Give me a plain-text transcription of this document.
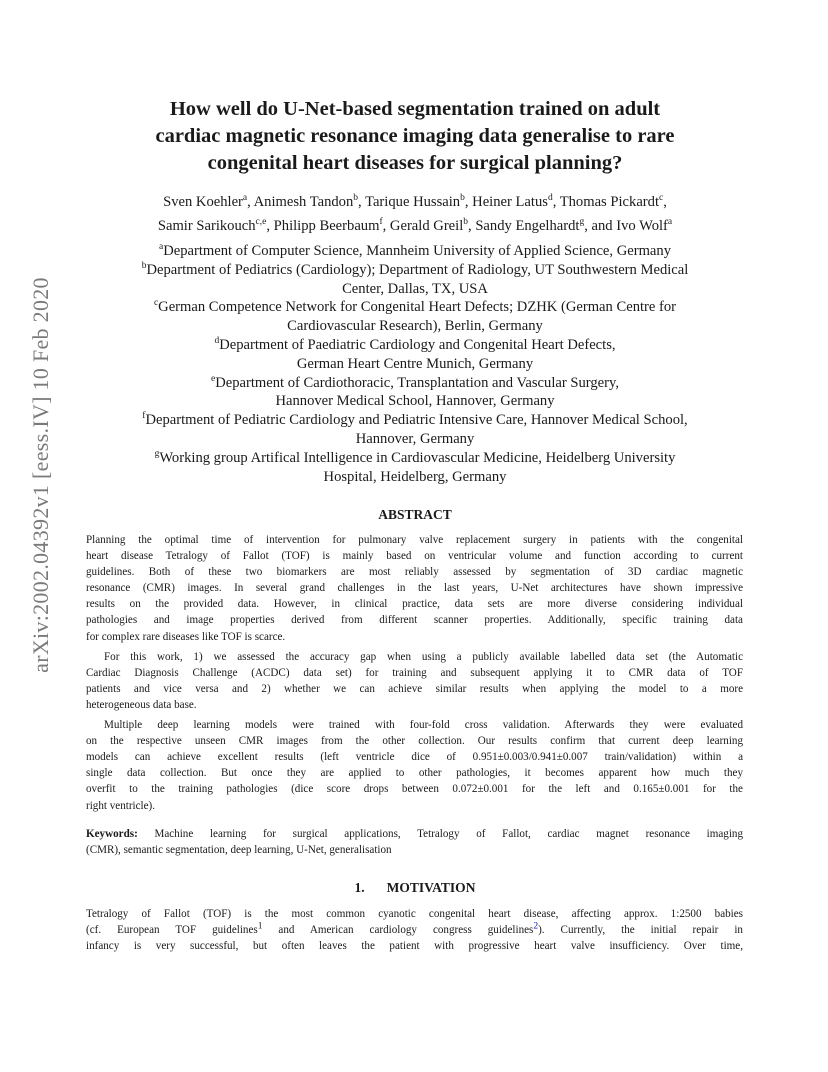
arXiv:2002.04392v1 [eess.IV] 10 Feb 2020
How well do U-Net-based segmentation trained on adult
cardiac magnetic resonance imaging data generalise to rare
congenital heart diseases for surgical planning?
Sven Koehler$^a$, Animesh Tandon$^b$, Tarique Hussain$^b$, Heiner Latus$^d$, Thomas Pickardt$^c$,
Samir Sarikouch$^{c,e}$, Philipp Beerbaum$^f$, Gerald Greil$^b$, Sandy Engelhardt$^g$, and Ivo Wolf$^a$
$^a$Department of Computer Science, Mannheim University of Applied Science, Germany
$^b$Department of Pediatrics (Cardiology); Department of Radiology, UT Southwestern Medical
Center, Dallas, TX, USA
$^c$German Competence Network for Congenital Heart Defects; DZHK (German Centre for
Cardiovascular Research), Berlin, Germany
$^d$Department of Paediatric Cardiology and Congenital Heart Defects,
German Heart Centre Munich, Germany
$^e$Department of Cardiothoracic, Transplantation and Vascular Surgery,
Hannover Medical School, Hannover, Germany
$^f$Department of Pediatric Cardiology and Pediatric Intensive Care, Hannover Medical School,
Hannover, Germany
$^g$Working group Artifical Intelligence in Cardiovascular Medicine, Heidelberg University
Hospital, Heidelberg, Germany
ABSTRACT
Planning the optimal time of intervention for pulmonary valve replacement surgery in patients with the congenital
heart disease Tetralogy of Fallot (TOF) is mainly based on ventricular volume and function according to current
guidelines. Both of these two biomarkers are most reliably assessed by segmentation of 3D cardiac magnetic
resonance (CMR) images. In several grand challenges in the last years, U-Net architectures have shown impressive
results on the provided data. However, in clinical practice, data sets are more diverse considering individual
pathologies and image properties derived from different scanner properties. Additionally, specific training data
for complex rare diseases like TOF is scarce.
For this work, 1) we assessed the accuracy gap when using a publicly available labelled data set (the Automatic
Cardiac Diagnosis Challenge (ACDC) data set) for training and subsequent applying it to CMR data of TOF
patients and vice versa and 2) whether we can achieve similar results when applying the model to a more
heterogeneous data base.
Multiple deep learning models were trained with four-fold cross validation. Afterwards they were evaluated
on the respective unseen CMR images from the other collection. Our results confirm that current deep learning
models can achieve excellent results (left ventricle dice of 0.951±0.003/0.941±0.007 train/validation) within a
single data collection. But once they are applied to other pathologies, it becomes apparent how much they
overfit to the training pathologies (dice score drops between 0.072±0.001 for the left and 0.165±0.001 for the
right ventricle).
Keywords: Machine learning for surgical applications, Tetralogy of Fallot, cardiac magnet resonance imaging
(CMR), semantic segmentation, deep learning, U-Net, generalisation
1. MOTIVATION
Tetralogy of Fallot (TOF) is the most common cyanotic congenital heart disease, affecting approx. 1:2500 babies
(cf. European TOF guidelines$^1$ and American cardiology congress guidelines$^2$). Currently, the initial repair in
infancy is very successful, but often leaves the patient with progressive heart valve insufficiency. Over time,
